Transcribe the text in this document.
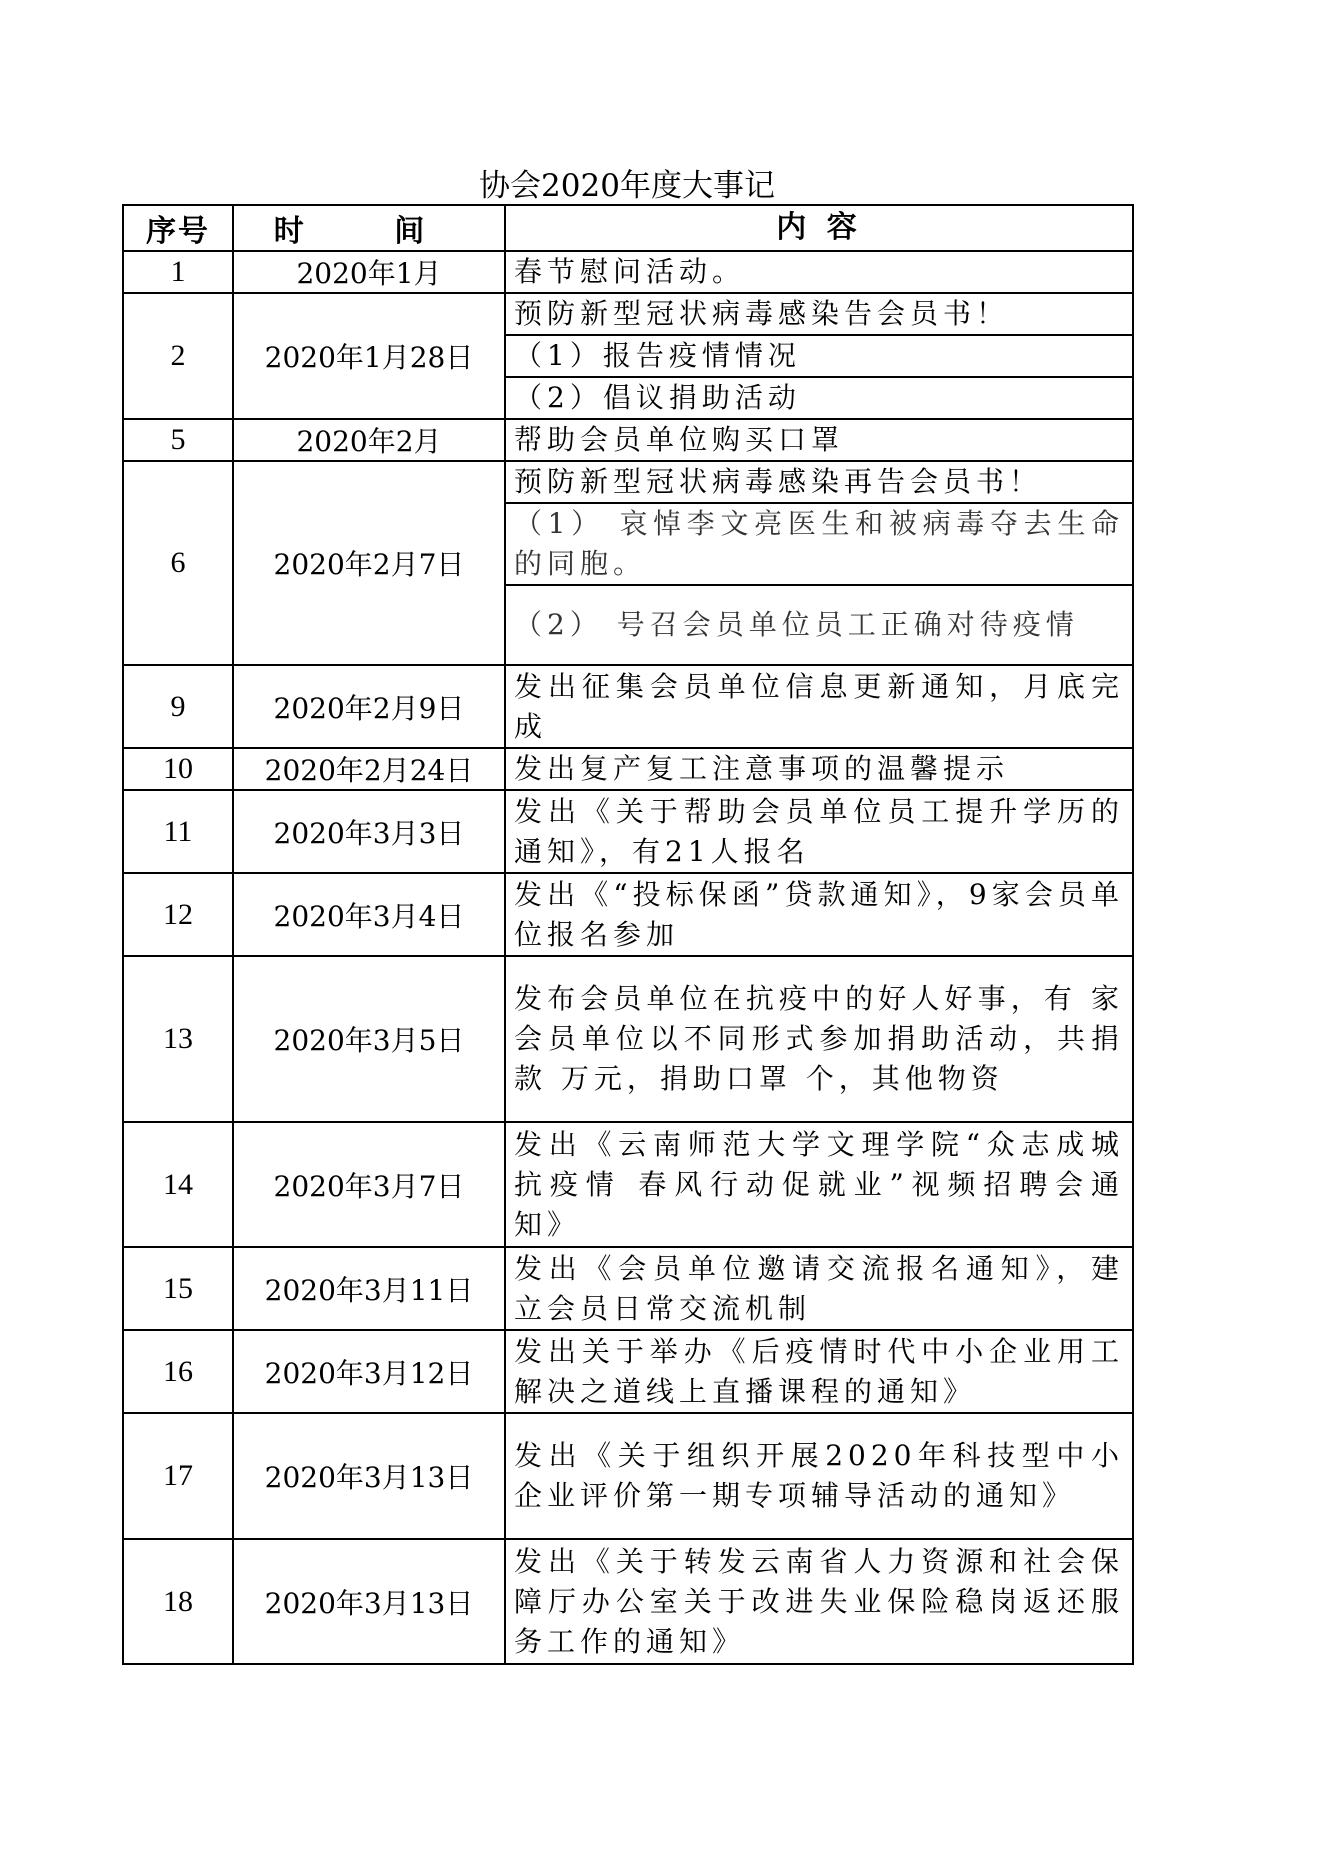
协会2020年度大事记
序号	时 间	内 容
1	2020年1月	春节慰问活动。
2	2020年1月28日	预防新型冠状病毒感染告会员书！
		（1）报告疫情情况
		（2）倡议捐助活动
5	2020年2月	帮助会员单位购买口罩
6	2020年2月7日	预防新型冠状病毒感染再告会员书！
		（1） 哀悼李文亮医生和被病毒夺去生命的同胞。
		（2） 号召会员单位员工正确对待疫情
9	2020年2月9日	发出征集会员单位信息更新通知，月底完成
10	2020年2月24日	发出复产复工注意事项的温馨提示
11	2020年3月3日	发出《关于帮助会员单位员工提升学历的通知》，有21人报名
12	2020年3月4日	发出《“投标保函”贷款通知》，9家会员单位报名参加
13	2020年3月5日	发布会员单位在抗疫中的好人好事，有 家会员单位以不同形式参加捐助活动，共捐款 万元，捐助口罩 个，其他物资
14	2020年3月7日	发出《云南师范大学文理学院“众志成城抗疫情 春风行动促就业”视频招聘会通知》
15	2020年3月11日	发出《会员单位邀请交流报名通知》，建立会员日常交流机制
16	2020年3月12日	发出关于举办《后疫情时代中小企业用工解决之道线上直播课程的通知》
17	2020年3月13日	发出《关于组织开展2020年科技型中小企业评价第一期专项辅导活动的通知》
18	2020年3月13日	发出《关于转发云南省人力资源和社会保障厅办公室关于改进失业保险稳岗返还服务工作的通知》
